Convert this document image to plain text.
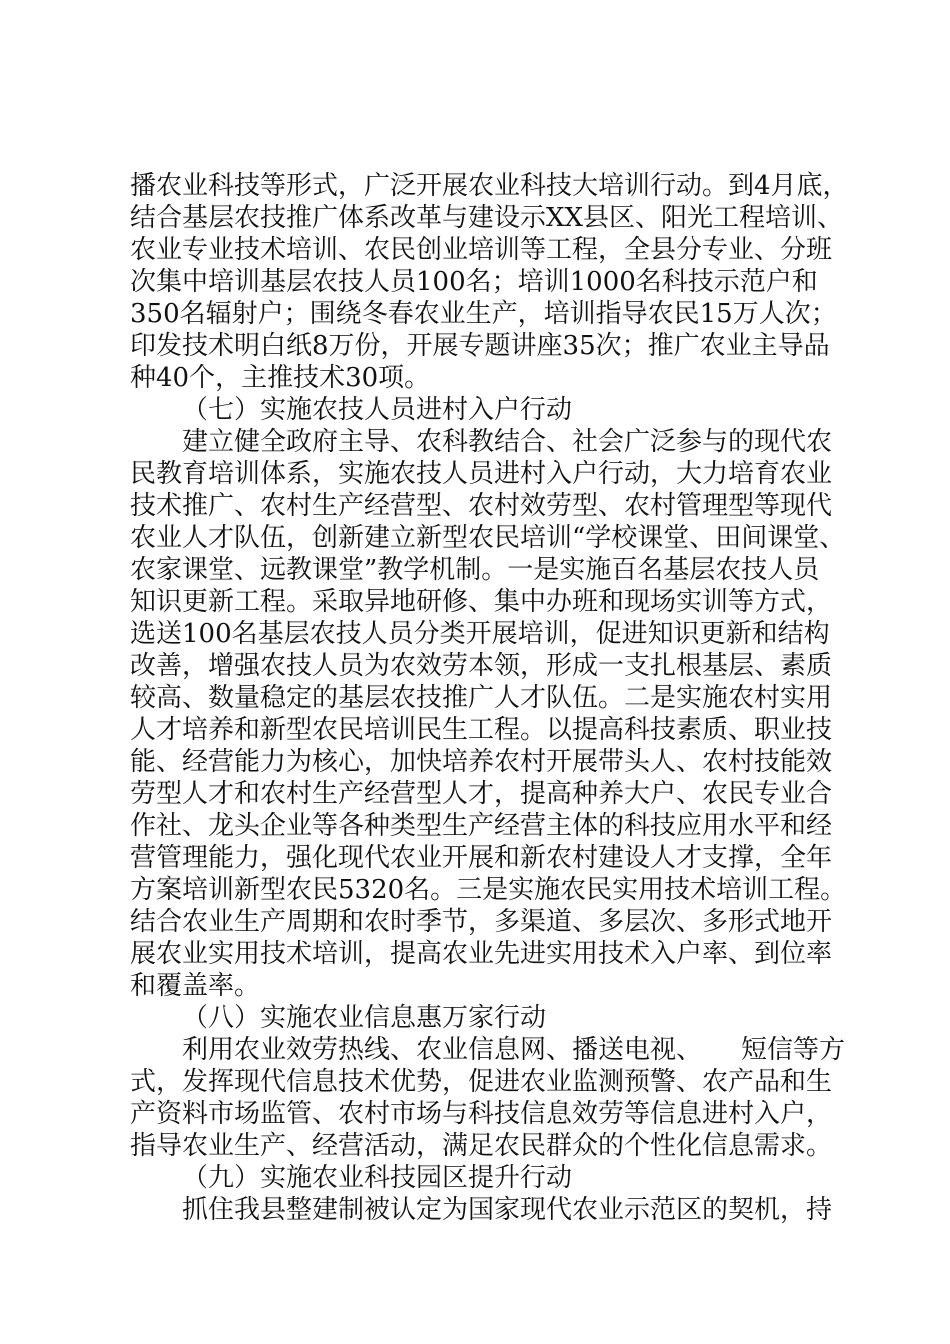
播农业科技等形式，广泛开展农业科技大培训行动。到4月底，
结合基层农技推广体系改革与建设示XX县区、阳光工程培训、
农业专业技术培训、农民创业培训等工程，全县分专业、分班
次集中培训基层农技人员100名；培训1000名科技示范户和
350名辐射户；围绕冬春农业生产，培训指导农民15万人次；
印发技术明白纸8万份，开展专题讲座35次；推广农业主导品
种40个，主推技术30项。
（七）实施农技人员进村入户行动
建立健全政府主导、农科教结合、社会广泛参与的现代农
民教育培训体系，实施农技人员进村入户行动，大力培育农业
技术推广、农村生产经营型、农村效劳型、农村管理型等现代
农业人才队伍，创新建立新型农民培训“学校课堂、田间课堂、
农家课堂、远教课堂”教学机制。一是实施百名基层农技人员
知识更新工程。采取异地研修、集中办班和现场实训等方式，
选送100名基层农技人员分类开展培训，促进知识更新和结构
改善，增强农技人员为农效劳本领，形成一支扎根基层、素质
较高、数量稳定的基层农技推广人才队伍。二是实施农村实用
人才培养和新型农民培训民生工程。以提高科技素质、职业技
能、经营能力为核心，加快培养农村开展带头人、农村技能效
劳型人才和农村生产经营型人才，提高种养大户、农民专业合
作社、龙头企业等各种类型生产经营主体的科技应用水平和经
营管理能力，强化现代农业开展和新农村建设人才支撑，全年
方案培训新型农民5320名。三是实施农民实用技术培训工程。
结合农业生产周期和农时季节，多渠道、多层次、多形式地开
展农业实用技术培训，提高农业先进实用技术入户率、到位率
和覆盖率。
（八）实施农业信息惠万家行动
利用农业效劳热线、农业信息网、播送电视、　　短信等方
式，发挥现代信息技术优势，促进农业监测预警、农产品和生
产资料市场监管、农村市场与科技信息效劳等信息进村入户，
指导农业生产、经营活动，满足农民群众的个性化信息需求。
（九）实施农业科技园区提升行动
抓住我县整建制被认定为国家现代农业示范区的契机，持
